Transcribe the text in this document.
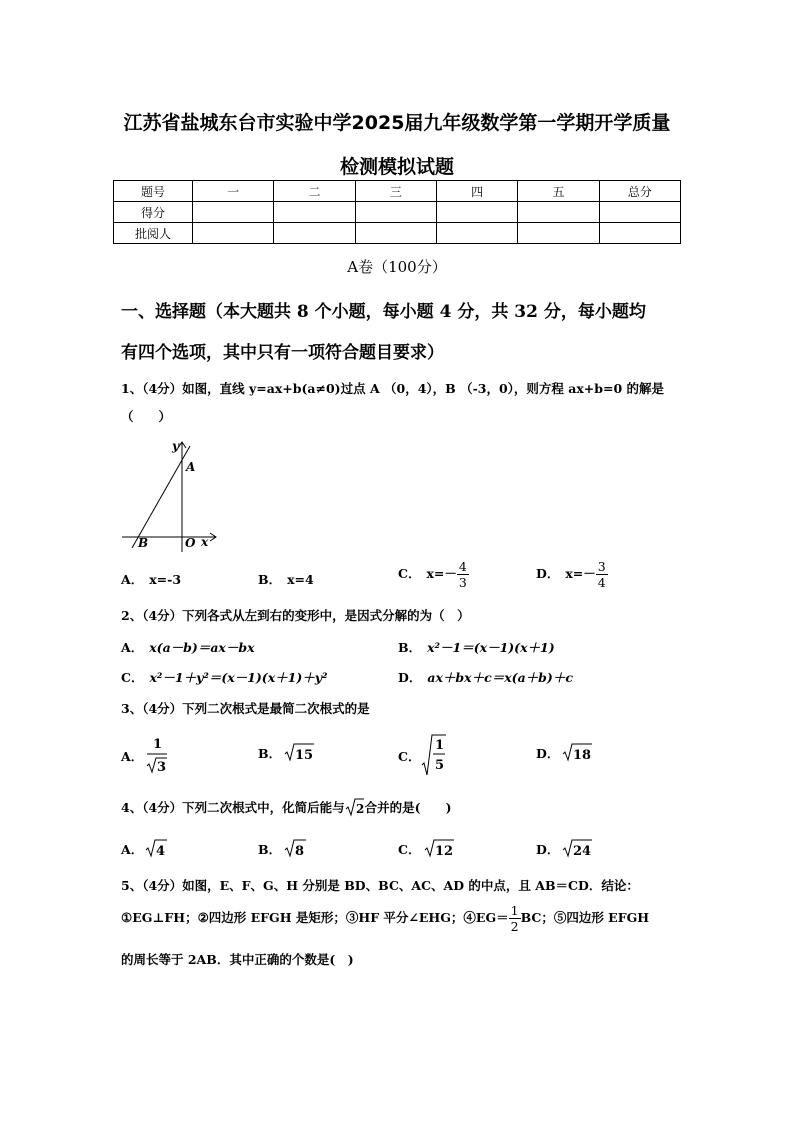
江苏省盐城东台市实验中学2025届九年级数学第一学期开学质量
检测模拟试题
题号	一	二	三	四	五	总分
得分						
批阅人						
A卷（100分）
一、选择题（本大题共 8 个小题，每小题 4 分，共 32 分，每小题均
有四个选项，其中只有一项符合题目要求）
1、（4分）如图，直线 y=ax+b(a≠0)过点 A （0，4），B （-3，0），则方程 ax+b=0 的解是
（　　）
y
A
B	O x
A． x=-3	B． x=4	C． $x=- \frac{4}{3}$	D． $x=- \frac{3}{4}$
2、（4分）下列各式从左到右的变形中，是因式分解的为（　）
A． x(a－b)＝ax－bx	B． x²－1＝(x－1)(x＋1)
C． x²－1＋y²＝(x－1)(x＋1)＋y²	D． ax＋bx＋c＝x(a＋b)＋c
3、（4分）下列二次根式是最简二次根式的是
A．
1
3
B． 15	C．
1
5
D． 18
4、（4分）下列二次根式中，化简后能与 2 合并的是(　　)
A． 4	B． 8	C． 12	D． 24
5、（4分）如图，E、F、G、H 分别是 BD、BC、AC、AD 的中点，且 AB＝CD．结论：
①EG⊥FH；②四边形 EFGH 是矩形；③HF 平分∠EHG；④EG＝ $\frac{1}{2}$ BC；⑤四边形 EFGH
的周长等于 2AB．其中正确的个数是(　)
